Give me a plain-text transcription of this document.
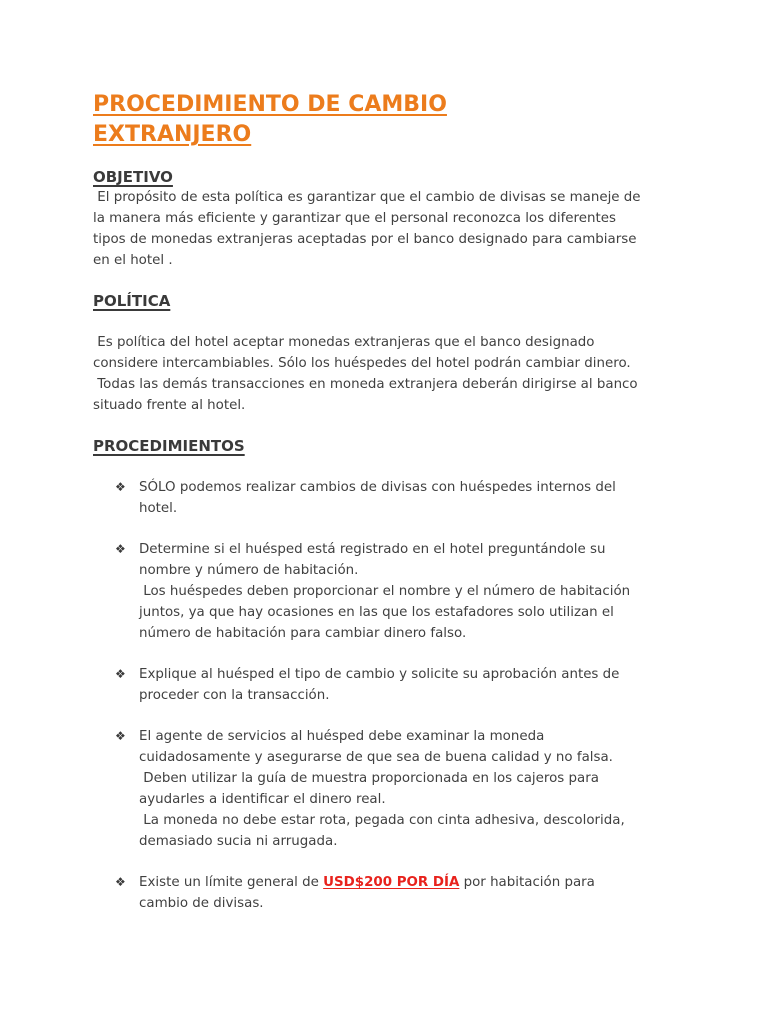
PROCEDIMIENTO DE CAMBIO
EXTRANJERO
OBJETIVO

El propósito de esta política es garantizar que el cambio de divisas se maneje de
la manera más eficiente y garantizar que el personal reconozca los diferentes
tipos de monedas extranjeras aceptadas por el banco designado para cambiarse
en el hotel .

POLÍTICA

Es política del hotel aceptar monedas extranjeras que el banco designado
considere intercambiables. Sólo los huéspedes del hotel podrán cambiar dinero.
Todas las demás transacciones en moneda extranjera deberán dirigirse al banco
situado frente al hotel.

PROCEDIMIENTOS
❖ SÓLO podemos realizar cambios de divisas con huéspedes internos del
hotel.

❖ Determine si el huésped está registrado en el hotel preguntándole su
nombre y número de habitación.
Los huéspedes deben proporcionar el nombre y el número de habitación
juntos, ya que hay ocasiones en las que los estafadores solo utilizan el
número de habitación para cambiar dinero falso.

❖ Explique al huésped el tipo de cambio y solicite su aprobación antes de
proceder con la transacción.

❖ El agente de servicios al huésped debe examinar la moneda
cuidadosamente y asegurarse de que sea de buena calidad y no falsa.
Deben utilizar la guía de muestra proporcionada en los cajeros para
ayudarles a identificar el dinero real.
La moneda no debe estar rota, pegada con cinta adhesiva, descolorida,
demasiado sucia ni arrugada.

❖ Existe un límite general de USD$200 POR DÍA por habitación para
cambio de divisas.
